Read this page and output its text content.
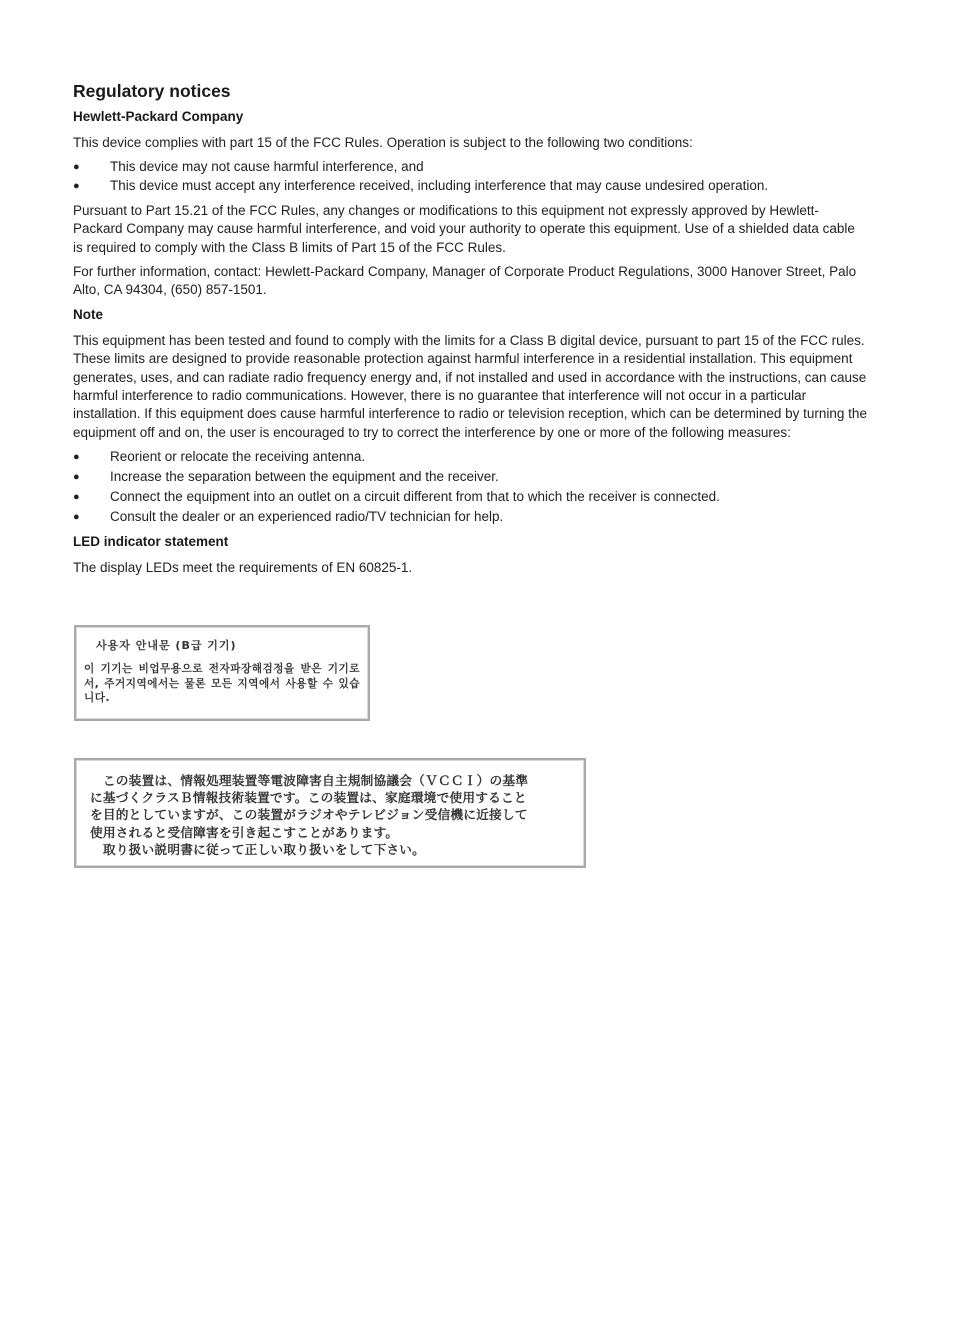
Regulatory notices
Hewlett-Packard Company

This device complies with part 15 of the FCC Rules. Operation is subject to the following two conditions:

●	This device may not cause harmful interference, and
●	This device must accept any interference received, including interference that may cause undesired operation.

Pursuant to Part 15.21 of the FCC Rules, any changes or modifications to this equipment not expressly approved by Hewlett-Packard Company may cause harmful interference, and void your authority to operate this equipment. Use of a shielded data cable is required to comply with the Class B limits of Part 15 of the FCC Rules.

For further information, contact: Hewlett-Packard Company, Manager of Corporate Product Regulations, 3000 Hanover Street, Palo Alto, CA 94304, (650) 857-1501.

Note

This equipment has been tested and found to comply with the limits for a Class B digital device, pursuant to part 15 of the FCC rules. These limits are designed to provide reasonable protection against harmful interference in a residential installation. This equipment generates, uses, and can radiate radio frequency energy and, if not installed and used in accordance with the instructions, can cause harmful interference to radio communications. However, there is no guarantee that interference will not occur in a particular installation. If this equipment does cause harmful interference to radio or television reception, which can be determined by turning the equipment off and on, the user is encouraged to try to correct the interference by one or more of the following measures:

●	Reorient or relocate the receiving antenna.
●	Increase the separation between the equipment and the receiver.
●	Connect the equipment into an outlet on a circuit different from that to which the receiver is connected.
●	Consult the dealer or an experienced radio/TV technician for help.
LED indicator statement

The display LEDs meet the requirements of EN 60825-1.

사용자 안내문 (B급 기기)
이 기기는 비업무용으로 전자파장해검정을 받은 기기로서, 주거지역에서는 물론 모든 지역에서 사용할 수 있습니다.
　この装置は、情報処理装置等電波障害自主規制協議会（ＶＣＣＩ）の基準
に基づくクラスＢ情報技術装置です。この装置は、家庭環境で使用すること
を目的としていますが、この装置がラジオやテレビジョン受信機に近接して
使用されると受信障害を引き起こすことがあります。
　取り扱い説明書に従って正しい取り扱いをして下さい。
